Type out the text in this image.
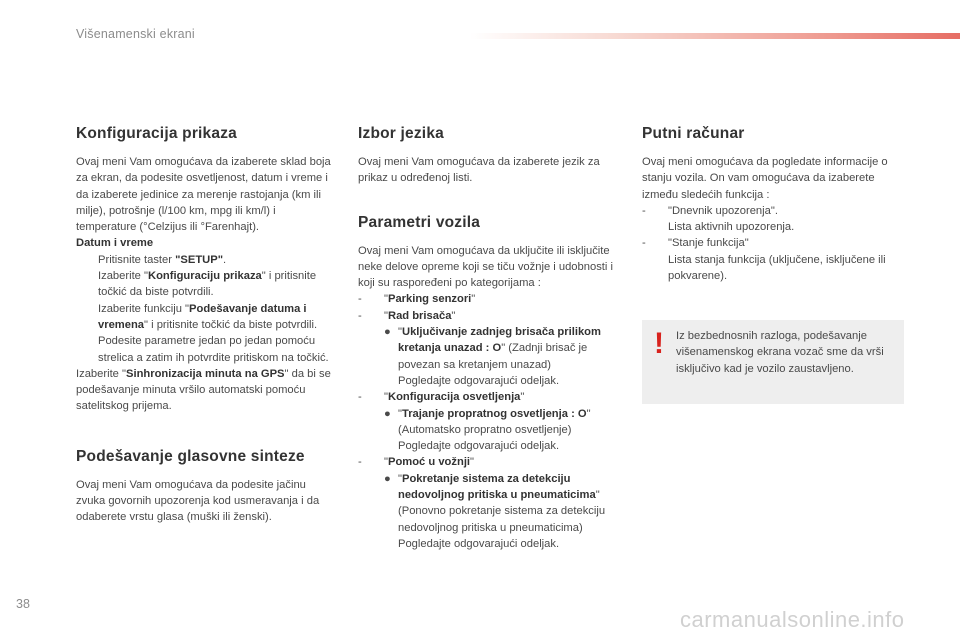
Višenamenski ekrani
Konfiguracija prikaza

Ovaj meni Vam omogućava da izaberete sklad boja za ekran, da podesite osvetljenost, datum i vreme i da izaberete jedinice za merenje rastojanja (km ili milje), potrošnje (l/100 km, mpg ili km/l) i temperature (°Celzijus ili °Farenhajt).

Datum i vreme

Pritisnite taster "SETUP".
Izaberite "Konfiguraciju prikaza" i pritisnite točkić da biste potvrdili.
Izaberite funkciju "Podešavanje datuma i vremena" i pritisnite točkić da biste potvrdili.
Podesite parametre jedan po jedan pomoću strelica a zatim ih potvrdite pritiskom na točkić.

Izaberite "Sinhronizacija minuta na GPS" da bi se podešavanje minuta vršilo automatski pomoću satelitskog prijema.

Podešavanje glasovne sinteze

Ovaj meni Vam omogućava da podesite jačinu zvuka govornih upozorenja kod usmeravanja i da odaberete vrstu glasa (muški ili ženski).

Izbor jezika

Ovaj meni Vam omogućava da izaberete jezik za prikaz u određenoj listi.

Parametri vozila

Ovaj meni Vam omogućava da uključite ili isključite neke delove opreme koji se tiču vožnje i udobnosti i koji su raspoređeni po kategorijama :

-	"Parking senzori"
-	"Rad brisača"
● "Uključivanje zadnjeg brisača prilikom kretanja unazad : O" (Zadnji brisač je povezan sa kretanjem unazad)

Pogledajte odgovarajući odeljak.

-	"Konfiguracija osvetljenja"
● "Trajanje propratnog osvetljenja : O"

(Automatsko propratno osvetljenje)

Pogledajte odgovarajući odeljak.

-	"Pomoć u vožnji"
● "Pokretanje sistema za detekciju nedovoljnog pritiska u pneumaticima"

(Ponovno pokretanje sistema za detekciju nedovoljnog pritiska u pneumaticima)

Pogledajte odgovarajući odeljak.

Putni računar

Ovaj meni omogućava da pogledate informacije o stanju vozila. On vam omogućava da izaberete između sledećih funkcija :

-	"Dnevnik upozorenja".

Lista aktivnih upozorenja.

-	"Stanje funkcija"

Lista stanja funkcija (uključene, isključene ili pokvarene).

!	Iz bezbednosnih razloga, podešavanje višenamenskog ekrana vozač sme da vrši isključivo kad je vozilo zaustavljeno.
38
carmanualsonline.info
